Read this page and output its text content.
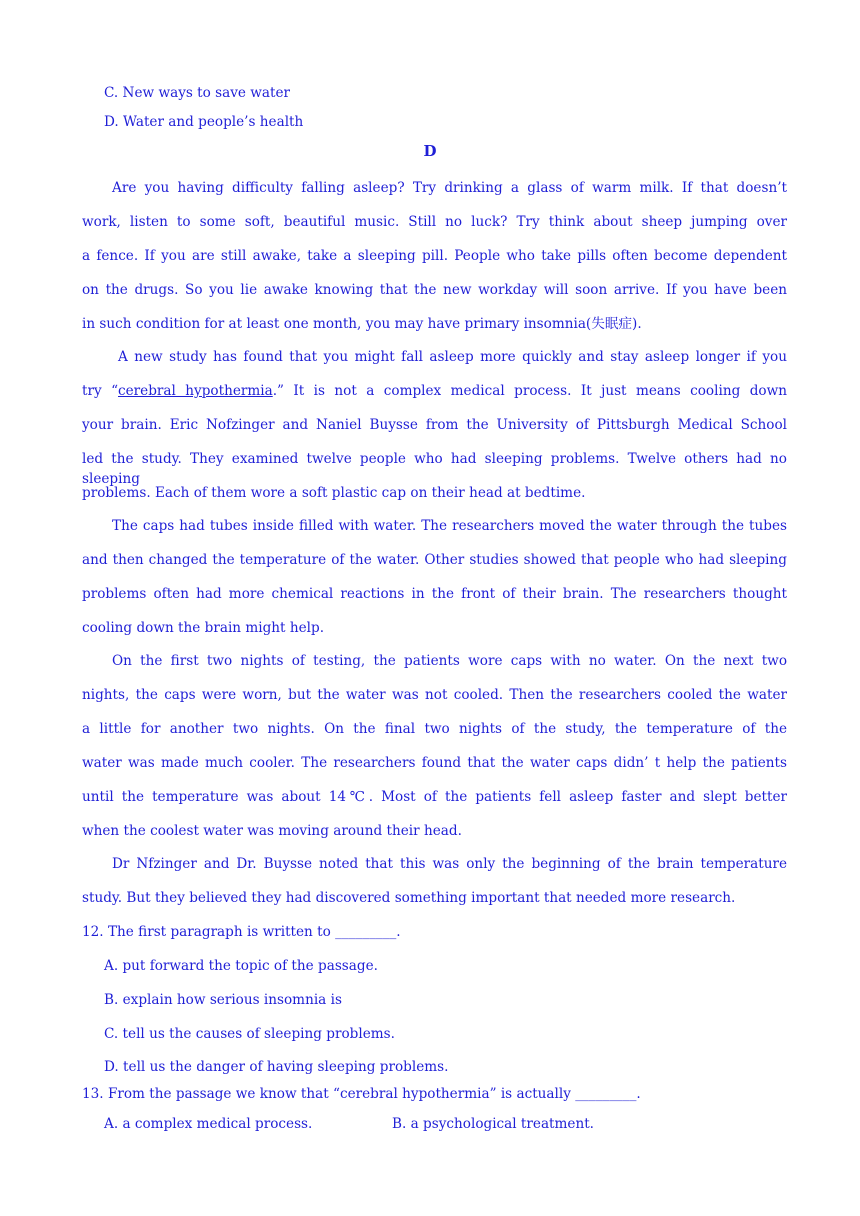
C. New ways to save water
D. Water and people’s health
D
Are you having difficulty falling asleep? Try drinking a glass of warm milk. If that doesn’t
work, listen to some soft, beautiful music. Still no luck? Try think about sheep jumping over
a fence. If you are still awake, take a sleeping pill. People who take pills often become dependent
on the drugs. So you lie awake knowing that the new workday will soon arrive. If you have been
in such condition for at least one month, you may have primary insomnia(失眠症).
A new study has found that you might fall asleep more quickly and stay asleep longer if you
try “cerebral hypothermia.” It is not a complex medical process. It just means cooling down
your brain. Eric Nofzinger and Naniel Buysse from the University of Pittsburgh Medical School
led the study. They examined twelve people who had sleeping problems. Twelve others had no sleeping
problems. Each of them wore a soft plastic cap on their head at bedtime.
The caps had tubes inside filled with water. The researchers moved the water through the tubes
and then changed the temperature of the water. Other studies showed that people who had sleeping
problems often had more chemical reactions in the front of their brain. The researchers thought
cooling down the brain might help.
On the first two nights of testing, the patients wore caps with no water. On the next two
nights, the caps were worn, but the water was not cooled. Then the researchers cooled the water
a little for another two nights. On the final two nights of the study, the temperature of the
water was made much cooler. The researchers found that the water caps didn’ t help the patients
until the temperature was about 14℃. Most of the patients fell asleep faster and slept better
when the coolest water was moving around their head.
Dr Nfzinger and Dr. Buysse noted that this was only the beginning of the brain temperature
study. But they believed they had discovered something important that needed more research.
12. The first paragraph is written to _________.
A. put forward the topic of the passage.
B. explain how serious insomnia is
C. tell us the causes of sleeping problems.
D. tell us the danger of having sleeping problems.
13. From the passage we know that “cerebral hypothermia” is actually _________.
A. a complex medical process.	B. a psychological treatment.
